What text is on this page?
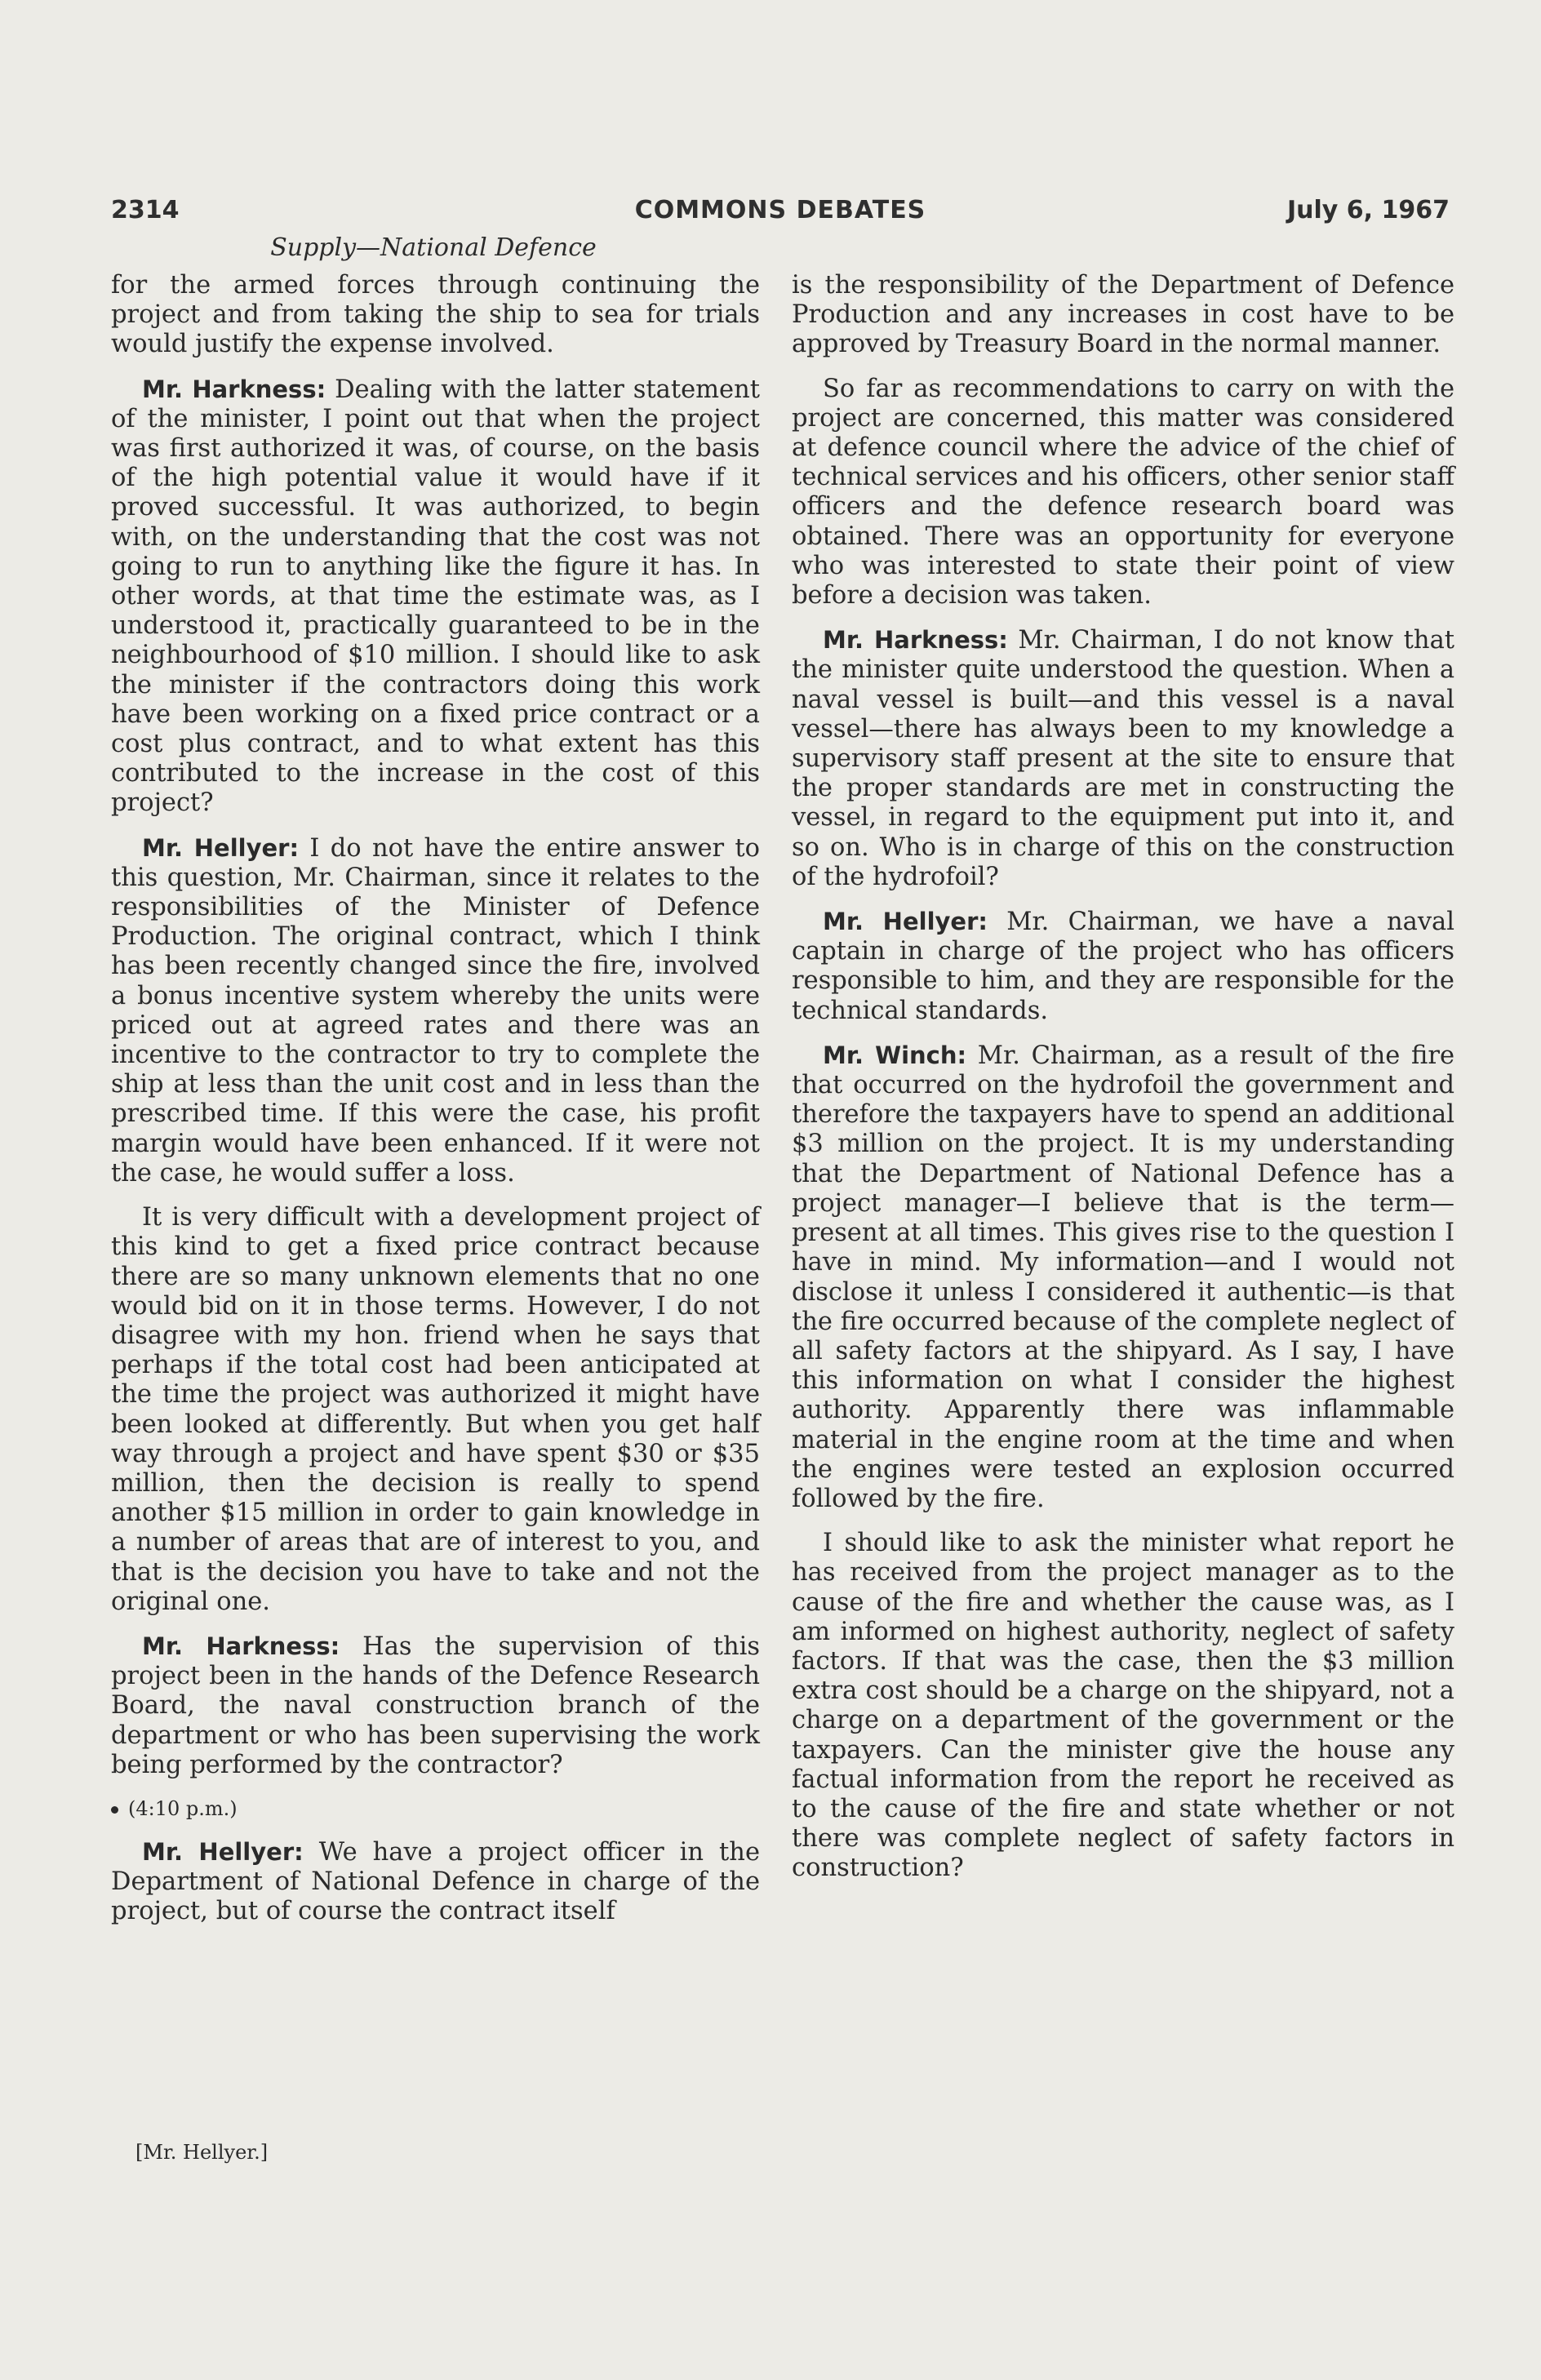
2314	COMMONS DEBATES	July 6, 1967
Supply—National Defence

for the armed forces through continuing the project and from taking the ship to sea for trials would justify the expense involved.

Mr. Harkness: Dealing with the latter statement of the minister, I point out that when the project was first authorized it was, of course, on the basis of the high potential value it would have if it proved successful. It was authorized, to begin with, on the understanding that the cost was not going to run to anything like the figure it has. In other words, at that time the estimate was, as I understood it, practically guaranteed to be in the neighbourhood of $10 million. I should like to ask the minister if the contractors doing this work have been working on a fixed price contract or a cost plus contract, and to what extent has this contributed to the increase in the cost of this project?

Mr. Hellyer: I do not have the entire answer to this question, Mr. Chairman, since it relates to the responsibilities of the Minister of Defence Production. The original contract, which I think has been recently changed since the fire, involved a bonus incentive system whereby the units were priced out at agreed rates and there was an incentive to the contractor to try to complete the ship at less than the unit cost and in less than the prescribed time. If this were the case, his profit margin would have been enhanced. If it were not the case, he would suffer a loss.

It is very difficult with a development project of this kind to get a fixed price contract because there are so many unknown elements that no one would bid on it in those terms. However, I do not disagree with my hon. friend when he says that perhaps if the total cost had been anticipated at the time the project was authorized it might have been looked at differently. But when you get half way through a project and have spent $30 or $35 million, then the decision is really to spend another $15 million in order to gain knowledge in a number of areas that are of interest to you, and that is the decision you have to take and not the original one.

Mr. Harkness: Has the supervision of this project been in the hands of the Defence Research Board, the naval construction branch of the department or who has been supervising the work being performed by the contractor?

(4:10 p.m.)

Mr. Hellyer: We have a project officer in the Department of National Defence in charge of the project, but of course the contract itself

is the responsibility of the Department of Defence Production and any increases in cost have to be approved by Treasury Board in the normal manner.

So far as recommendations to carry on with the project are concerned, this matter was considered at defence council where the advice of the chief of technical services and his officers, other senior staff officers and the defence research board was obtained. There was an opportunity for everyone who was interested to state their point of view before a decision was taken.

Mr. Harkness: Mr. Chairman, I do not know that the minister quite understood the question. When a naval vessel is built—and this vessel is a naval vessel—there has always been to my knowledge a supervisory staff present at the site to ensure that the proper standards are met in constructing the vessel, in regard to the equipment put into it, and so on. Who is in charge of this on the construction of the hydrofoil?

Mr. Hellyer: Mr. Chairman, we have a naval captain in charge of the project who has officers responsible to him, and they are responsible for the technical standards.

Mr. Winch: Mr. Chairman, as a result of the fire that occurred on the hydrofoil the government and therefore the taxpayers have to spend an additional $3 million on the project. It is my understanding that the Department of National Defence has a project manager—I believe that is the term—present at all times. This gives rise to the question I have in mind. My information—and I would not disclose it unless I considered it authentic—is that the fire occurred because of the complete neglect of all safety factors at the shipyard. As I say, I have this information on what I consider the highest authority. Apparently there was inflammable material in the engine room at the time and when the engines were tested an explosion occurred followed by the fire.

I should like to ask the minister what report he has received from the project manager as to the cause of the fire and whether the cause was, as I am informed on highest authority, neglect of safety factors. If that was the case, then the $3 million extra cost should be a charge on the shipyard, not a charge on a department of the government or the taxpayers. Can the minister give the house any factual information from the report he received as to the cause of the fire and state whether or not there was complete neglect of safety factors in construction?

[Mr. Hellyer.]
